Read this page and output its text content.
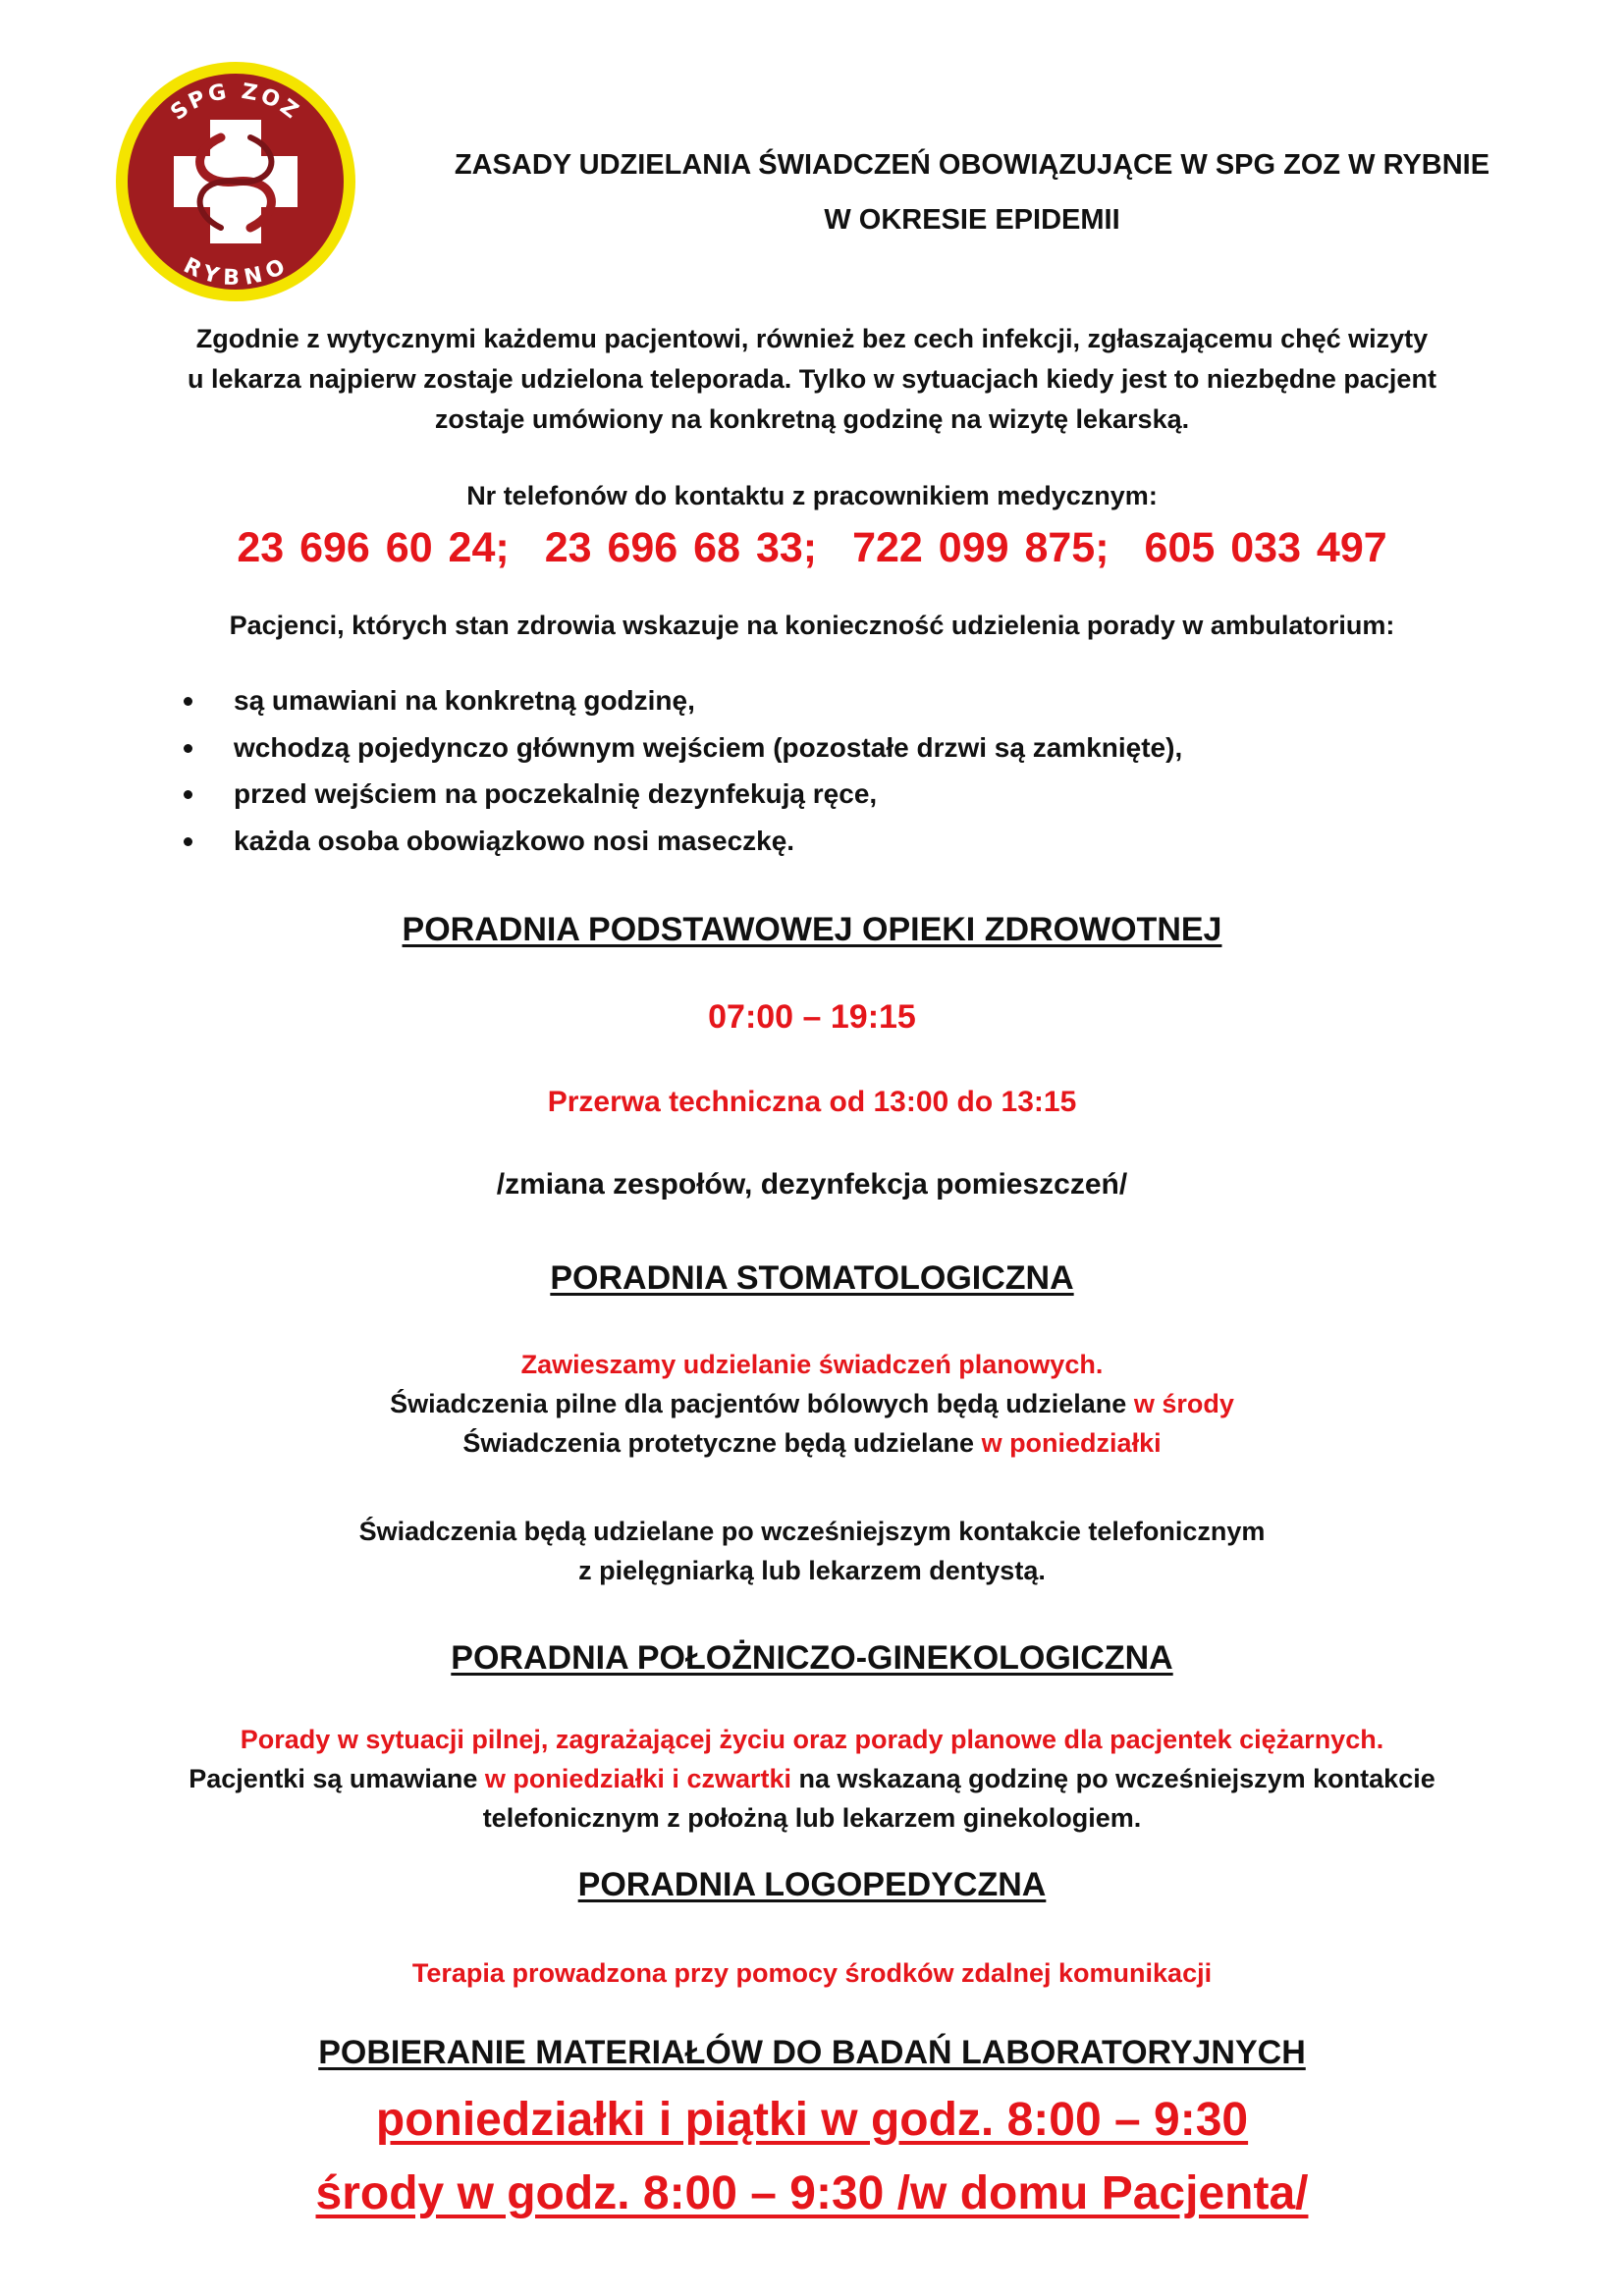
SPG ZOZ
RYBNO
ZASADY UDZIELANIA ŚWIADCZEŃ OBOWIĄZUJĄCE W SPG ZOZ W RYBNIE
W OKRESIE EPIDEMII
Zgodnie z wytycznymi każdemu pacjentowi, również bez cech infekcji, zgłaszającemu chęć wizyty
u lekarza najpierw zostaje udzielona teleporada. Tylko w sytuacjach kiedy jest to niezbędne pacjent
zostaje umówiony na konkretną godzinę na wizytę lekarską.
Nr telefonów do kontaktu z pracownikiem medycznym:
23 696 60 24; 23 696 68 33; 722 099 875; 605 033 497
Pacjenci, których stan zdrowia wskazuje na konieczność udzielenia porady w ambulatorium:
są umawiani na konkretną godzinę,
wchodzą pojedynczo głównym wejściem (pozostałe drzwi są zamknięte),
przed wejściem na poczekalnię dezynfekują ręce,
każda osoba obowiązkowo nosi maseczkę.
PORADNIA PODSTAWOWEJ OPIEKI ZDROWOTNEJ
07:00 – 19:15
Przerwa techniczna od 13:00 do 13:15
/zmiana zespołów, dezynfekcja pomieszczeń/
PORADNIA STOMATOLOGICZNA
Zawieszamy udzielanie świadczeń planowych.
Świadczenia pilne dla pacjentów bólowych będą udzielane w środy
Świadczenia protetyczne będą udzielane w poniedziałki
Świadczenia będą udzielane po wcześniejszym kontakcie telefonicznym
z pielęgniarką lub lekarzem dentystą.
PORADNIA POŁOŻNICZO-GINEKOLOGICZNA
Porady w sytuacji pilnej, zagrażającej życiu oraz porady planowe dla pacjentek ciężarnych.
Pacjentki są umawiane w poniedziałki i czwartki na wskazaną godzinę po wcześniejszym kontakcie
telefonicznym z położną lub lekarzem ginekologiem.
PORADNIA LOGOPEDYCZNA
Terapia prowadzona przy pomocy środków zdalnej komunikacji
POBIERANIE MATERIAŁÓW DO BADAŃ LABORATORYJNYCH
poniedziałki i piątki w godz. 8:00 – 9:30
środy w godz. 8:00 – 9:30 /w domu Pacjenta/
